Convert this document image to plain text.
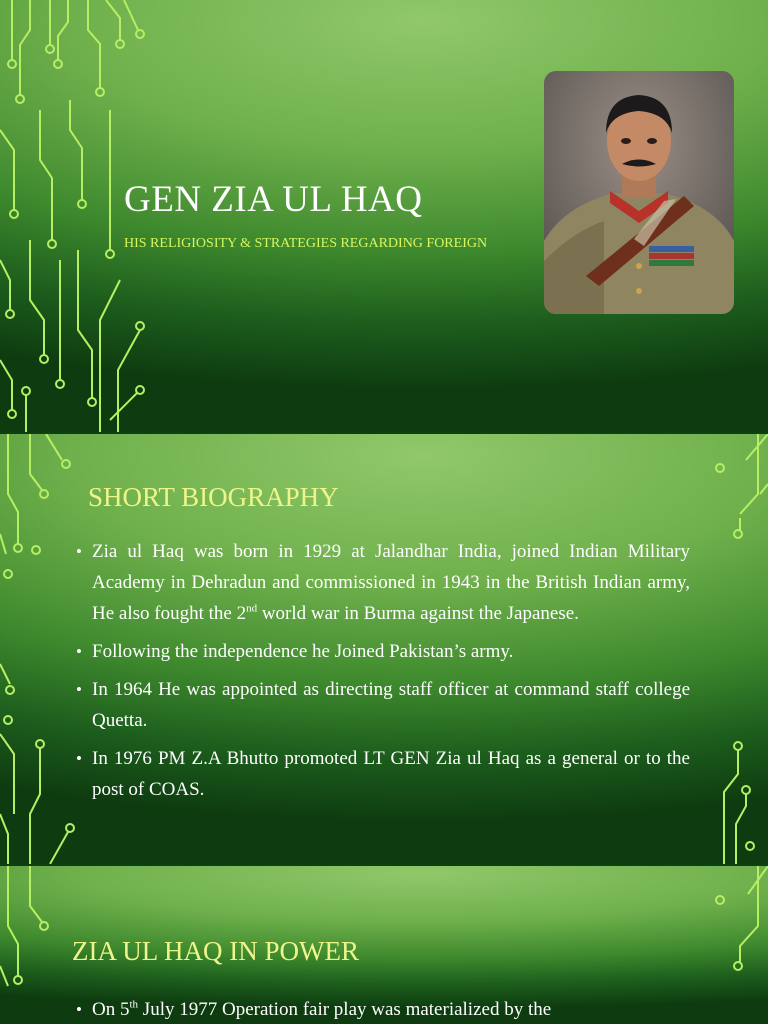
GEN ZIA UL HAQ

HIS RELIGIOSITY & STRATEGIES REGARDING FOREIGN

SHORT BIOGRAPHY
• Zia ul Haq was born in 1929 at Jalandhar India, joined Indian Military Academy in Dehradun and commissioned in 1943 in the British Indian army, He also fought the 2nd world war in Burma against the Japanese.
• Following the independence he Joined Pakistan’s army.
• In 1964 He was appointed as directing staff officer at command staff college Quetta.
• In 1976 PM Z.A Bhutto promoted LT GEN Zia ul Haq as a general or to the post of COAS.
ZIA UL HAQ IN POWER
• On 5th July 1977 Operation fair play was materialized by the
